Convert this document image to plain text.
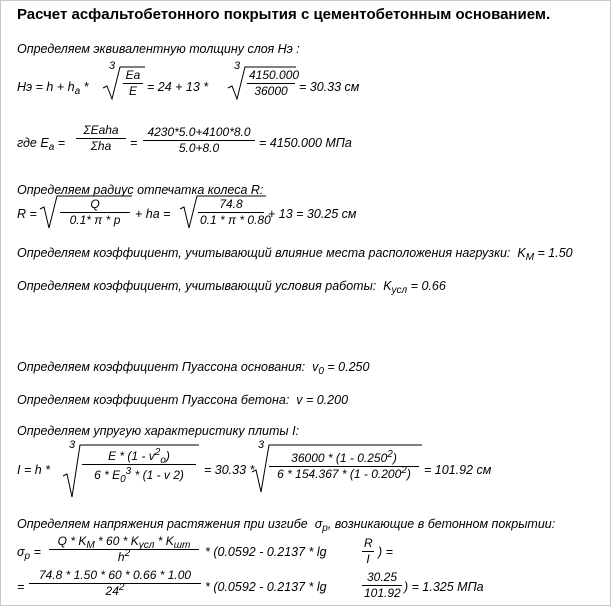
Расчет асфальтобетонного покрытия с цементобетонным основанием.
Определяем эквивалентную толщину слоя Hэ :
Hэ = $h + h_a$ *
3
$\frac{Ea}{E} = 24 + 13$ *
3
$\frac{4150.000}{36000} = 30.33$ см
где $E_a$ =
ΣEaha
Σha	= $\frac{4230*5.0+4100*8.0}{5.0+8.0} = 4150.000$ МПа
Определяем радиус отпечатка колеса R:
$R = \frac{Q}{0.1* \pi * p}$ + ha = $\frac{74.8}{0.1 * \pi * 0.80} + 13 = 30.25$ см
Определяем коэффициент, учитывающий влияние места расположения нагрузки: $K_M = 1.50$
Определяем коэффициент, учитывающий условия работы: $K_{усл} = 0.66$

Определяем коэффициент Пуассона основания: $v_0 = 0.250$
Определяем коэффициент Пуассона бетона: v = 0.200
Определяем упругую характеристику плиты I:
I = h *
3
$\frac{E * (1 - v^2_o)}{6 * E_0^3 * (1 - v 2)} = 30.33$ *
3
$\frac{36000 * (1 - 0.250^2)}{6 * 154.367 * (1 - 0.200^2)} = 101.92$ см
Определяем напряжения растяжения при изгибе $\sigma_p$, возникающие в бетонном покрытии:
$\sigma_p$ =
Q * $K_M * 60 * K_{усл} * K_{шт}$
$h^2$	* (0.0592 - 0.2137 * lg	$\frac{R}{I}$ ) =
= $\frac{74.8 * 1.50 * 60 * 0.66 * 1.00}{24^2} * (0.0592 - 0.2137$ * lg	$\frac{30.25}{101.92}$ ) = 1.325 МПа
